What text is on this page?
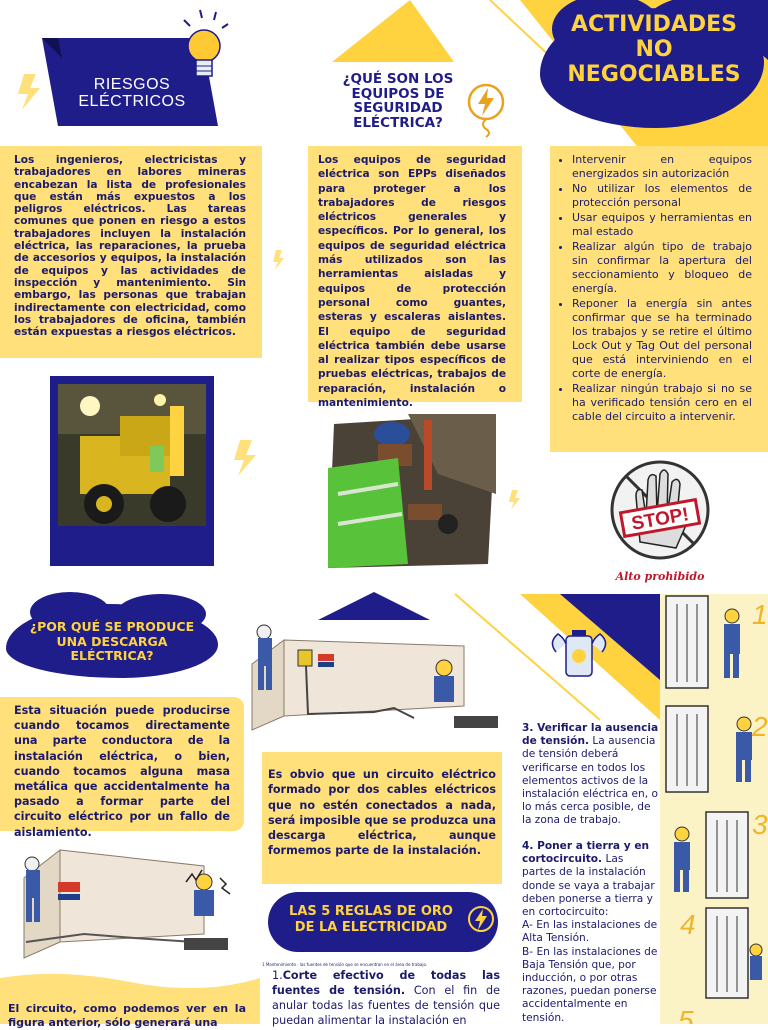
RIESGOS ELÉCTRICOS
Los ingenieros, electricistas y trabajadores en labores mineras encabezan la lista de profesionales que están más expuestos a los peligros eléctricos. Las tareas comunes que ponen en riesgo a estos trabajadores incluyen la instalación eléctrica, las reparaciones, la prueba de accesorios y equipos, la instalación de equipos y las actividades de inspección y mantenimiento. Sin embargo, las personas que trabajan indirectamente con electricidad, como los trabajadores de oficina, también están expuestas a riesgos eléctricos.
¿QUÉ SON LOS
EQUIPOS DE
SEGURIDAD
ELÉCTRICA?
Los equipos de seguridad eléctrica son EPPs diseñados para proteger a los trabajadores de riesgos eléctricos generales y específicos. Por lo general, los equipos de seguridad eléctrica más utilizados son las herramientas aisladas y equipos de protección personal como guantes, esteras y escaleras aislantes. El equipo de seguridad eléctrica también debe usarse al realizar tipos específicos de pruebas eléctricas, trabajos de reparación, instalación o mantenimiento.
ACTIVIDADES
NO
NEGOCIABLES
• Intervenir en equipos energizados sin autorización
• No utilizar los elementos de protección personal
• Usar equipos y herramientas en mal estado
• Realizar algún tipo de trabajo sin confirmar la apertura del seccionamiento y bloqueo de energía.
• Reponer la energía sin antes confirmar que se ha terminado los trabajos y se retire el último Lock Out y Tag Out del personal que está interviniendo en el corte de energía.
• Realizar ningún trabajo si no se ha verificado tensión cero en el cable del circuito a intervenir.
STOP!
Alto prohibido
¿POR QUÉ SE PRODUCE
UNA DESCARGA
ELÉCTRICA?
Esta situación puede producirse cuando tocamos directamente una parte conductora de la instalación eléctrica, o bien, cuando tocamos alguna masa metálica que accidentalmente ha pasado a formar parte del circuito eléctrico por un fallo de aislamiento.
El circuito, como podemos ver en la figura anterior, sólo generará una
Es obvio que un circuito eléctrico formado por dos cables eléctricos que no estén conectados a nada, será imposible que se produzca una descarga eléctrica, aunque formemos parte de la instalación.
LAS 5 REGLAS DE ORO
DE LA ELECTRICIDAD
1 Mantenimiento · las fuentes de tensión que se encuentran en el área de trabajo.
1.Corte efectivo de todas las fuentes de tensión. Con el fin de anular todas las fuentes de tensión que puedan alimentar la instalación en
3. Verificar la ausencia de tensión. La ausencia de tensión deberá verificarse en todos los elementos activos de la instalación eléctrica en, o lo más cerca posible, de la zona de trabajo.
4. Poner a tierra y en cortocircuito. Las partes de la instalación donde se vaya a trabajar deben ponerse a tierra y en cortocircuito:
A- En las instalaciones de Alta Tensión.
B- En las instalaciones de Baja Tensión que, por inducción, o por otras razones, puedan ponerse accidentalmente en tensión.
1
2
3
4
5
